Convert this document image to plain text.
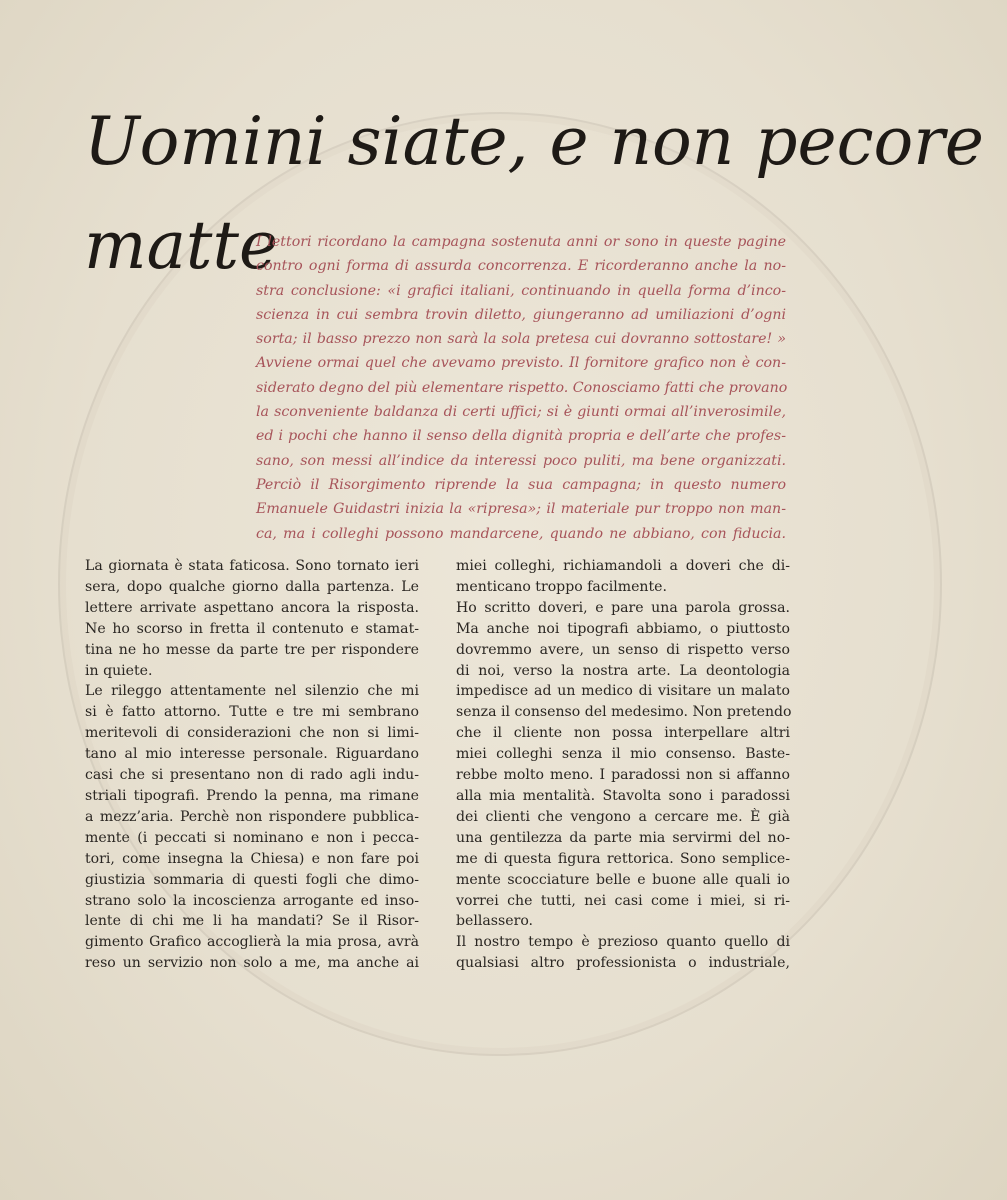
Uomini siate, e non pecore
matte
I lettori ricordano la campagna sostenuta anni or sono in queste pagine
contro ogni forma di assurda concorrenza. E ricorderanno anche la no-
stra conclusione: «i grafici italiani, continuando in quella forma d’inco-
scienza in cui sembra trovin diletto, giungeranno ad umiliazioni d’ogni
sorta; il basso prezzo non sarà la sola pretesa cui dovranno sottostare! »
Avviene ormai quel che avevamo previsto. Il fornitore grafico non è con-
siderato degno del più elementare rispetto. Conosciamo fatti che provano
la sconveniente baldanza di certi uffici; si è giunti ormai all’inverosimile,
ed i pochi che hanno il senso della dignità propria e dell’arte che profes-
sano, son messi all’indice da interessi poco puliti, ma bene organizzati.
Perciò il Risorgimento riprende la sua campagna; in questo numero
Emanuele Guidastri inizia la «ripresa»; il materiale pur troppo non man-
ca, ma i colleghi possono mandarcene, quando ne abbiano, con fiducia.
La giornata è stata faticosa. Sono tornato ieri
sera, dopo qualche giorno dalla partenza. Le
lettere arrivate aspettano ancora la risposta.
Ne ho scorso in fretta il contenuto e stamat-
tina ne ho messe da parte tre per rispondere
in quiete.
Le rileggo attentamente nel silenzio che mi
si è fatto attorno. Tutte e tre mi sembrano
meritevoli di considerazioni che non si limi-
tano al mio interesse personale. Riguardano
casi che si presentano non di rado agli indu-
striali tipografi. Prendo la penna, ma rimane
a mezz’aria. Perchè non rispondere pubblica-
mente (i peccati si nominano e non i pecca-
tori, come insegna la Chiesa) e non fare poi
giustizia sommaria di questi fogli che dimo-
strano solo la incoscienza arrogante ed inso-
lente di chi me li ha mandati? Se il Risor-
gimento Grafico accoglierà la mia prosa, avrà
reso un servizio non solo a me, ma anche ai
miei colleghi, richiamandoli a doveri che di-
menticano troppo facilmente.
Ho scritto doveri, e pare una parola grossa.
Ma anche noi tipografi abbiamo, o piuttosto
dovremmo avere, un senso di rispetto verso
di noi, verso la nostra arte. La deontologia
impedisce ad un medico di visitare un malato
senza il consenso del medesimo. Non pretendo
che il cliente non possa interpellare altri
miei colleghi senza il mio consenso. Baste-
rebbe molto meno. I paradossi non si affanno
alla mia mentalità. Stavolta sono i paradossi
dei clienti che vengono a cercare me. È già
una gentilezza da parte mia servirmi del no-
me di questa figura rettorica. Sono semplice-
mente scocciature belle e buone alle quali io
vorrei che tutti, nei casi come i miei, si ri-
bellassero.
Il nostro tempo è prezioso quanto quello di
qualsiasi altro professionista o industriale,
